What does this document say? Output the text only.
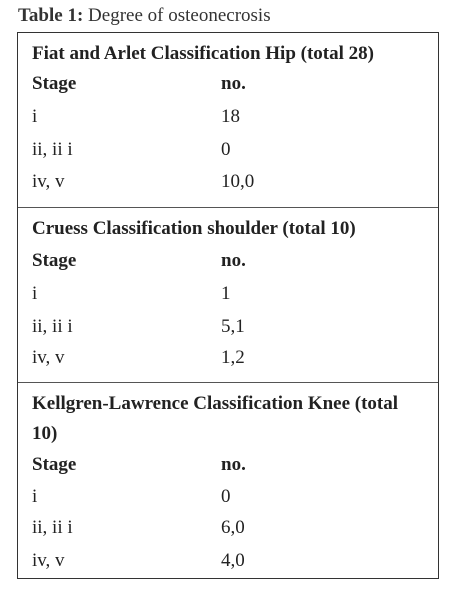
Table 1: Degree of osteonecrosis
Fiat and Arlet Classification Hip (total 28)
Stage	no.
i	18
ii, ii i	0
iv, v	10,0
Cruess Classification shoulder (total 10)
Stage	no.
i	1
ii, ii i	5,1
iv, v	1,2
Kellgren-Lawrence Classification Knee (total 10)
Stage	no.
i	0
ii, ii i	6,0
iv, v	4,0
